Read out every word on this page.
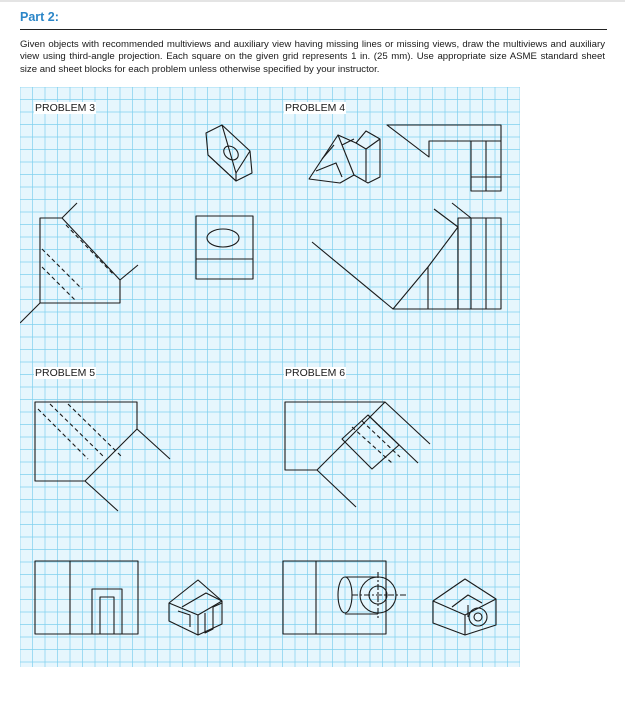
Part 2:
Given objects with recommended multiviews and auxiliary view having missing lines or missing views, draw the multiviews and auxiliary view using third-angle projection. Each square on the given grid represents 1 in. (25 mm). Use appropriate size ASME standard sheet size and sheet blocks for each problem unless otherwise specified by your instructor.
PROBLEM 3	PROBLEM 4
PROBLEM 5	PROBLEM 6
